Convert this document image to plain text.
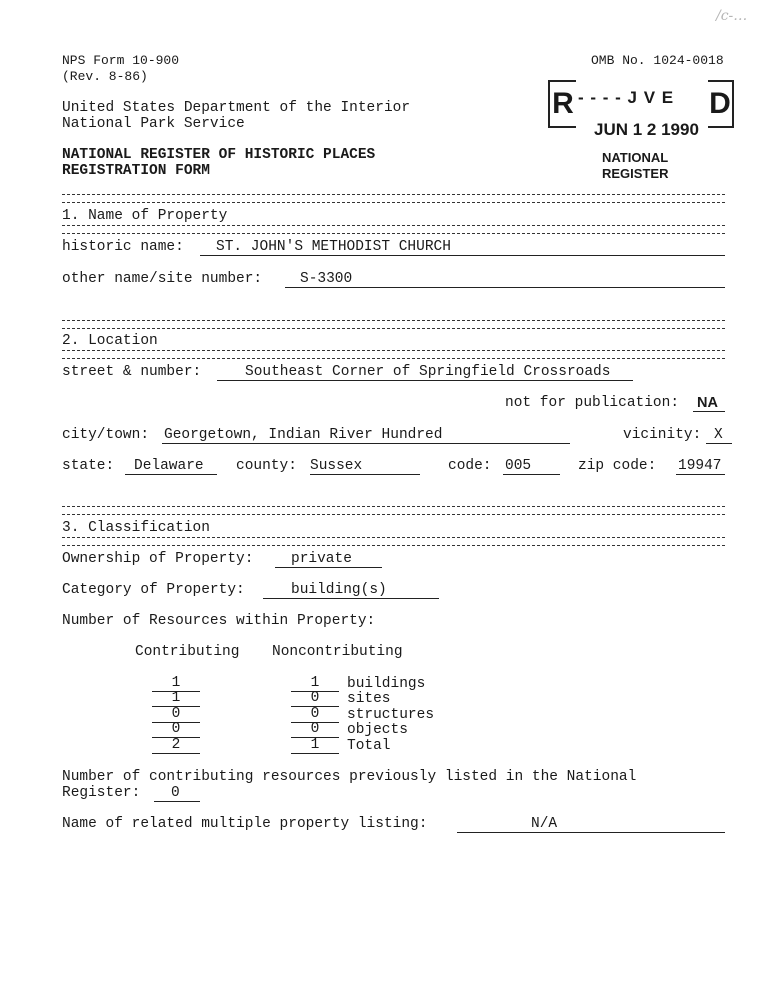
NPS Form 10-900
(Rev. 8-86)
OMB No. 1024-0018
United States Department of the Interior
National Park Service
NATIONAL REGISTER OF HISTORIC PLACES
REGISTRATION FORM
/c-…
R - - - - J V E D
JUN 1 2 1990
NATIONAL
REGISTER
1. Name of Property
historic name: ST. JOHN'S METHODIST CHURCH
other name/site number:	S-3300
2. Location
street & number:	Southeast Corner of Springfield Crossroads
not for publication: NA
city/town: Georgetown, Indian River Hundred	vicinity: X
state: Delaware county: Sussex	code: 005	zip code: 19947
3. Classification
Ownership of Property:	private
Category of Property:	building(s)
Number of Resources within Property:
Contributing Noncontributing
1	1	buildings
1	0	sites
0	0	structures
0	0	objects
2	1	Total
Number of contributing resources previously listed in the National
Register: 0
Name of related multiple property listing:	N/A
